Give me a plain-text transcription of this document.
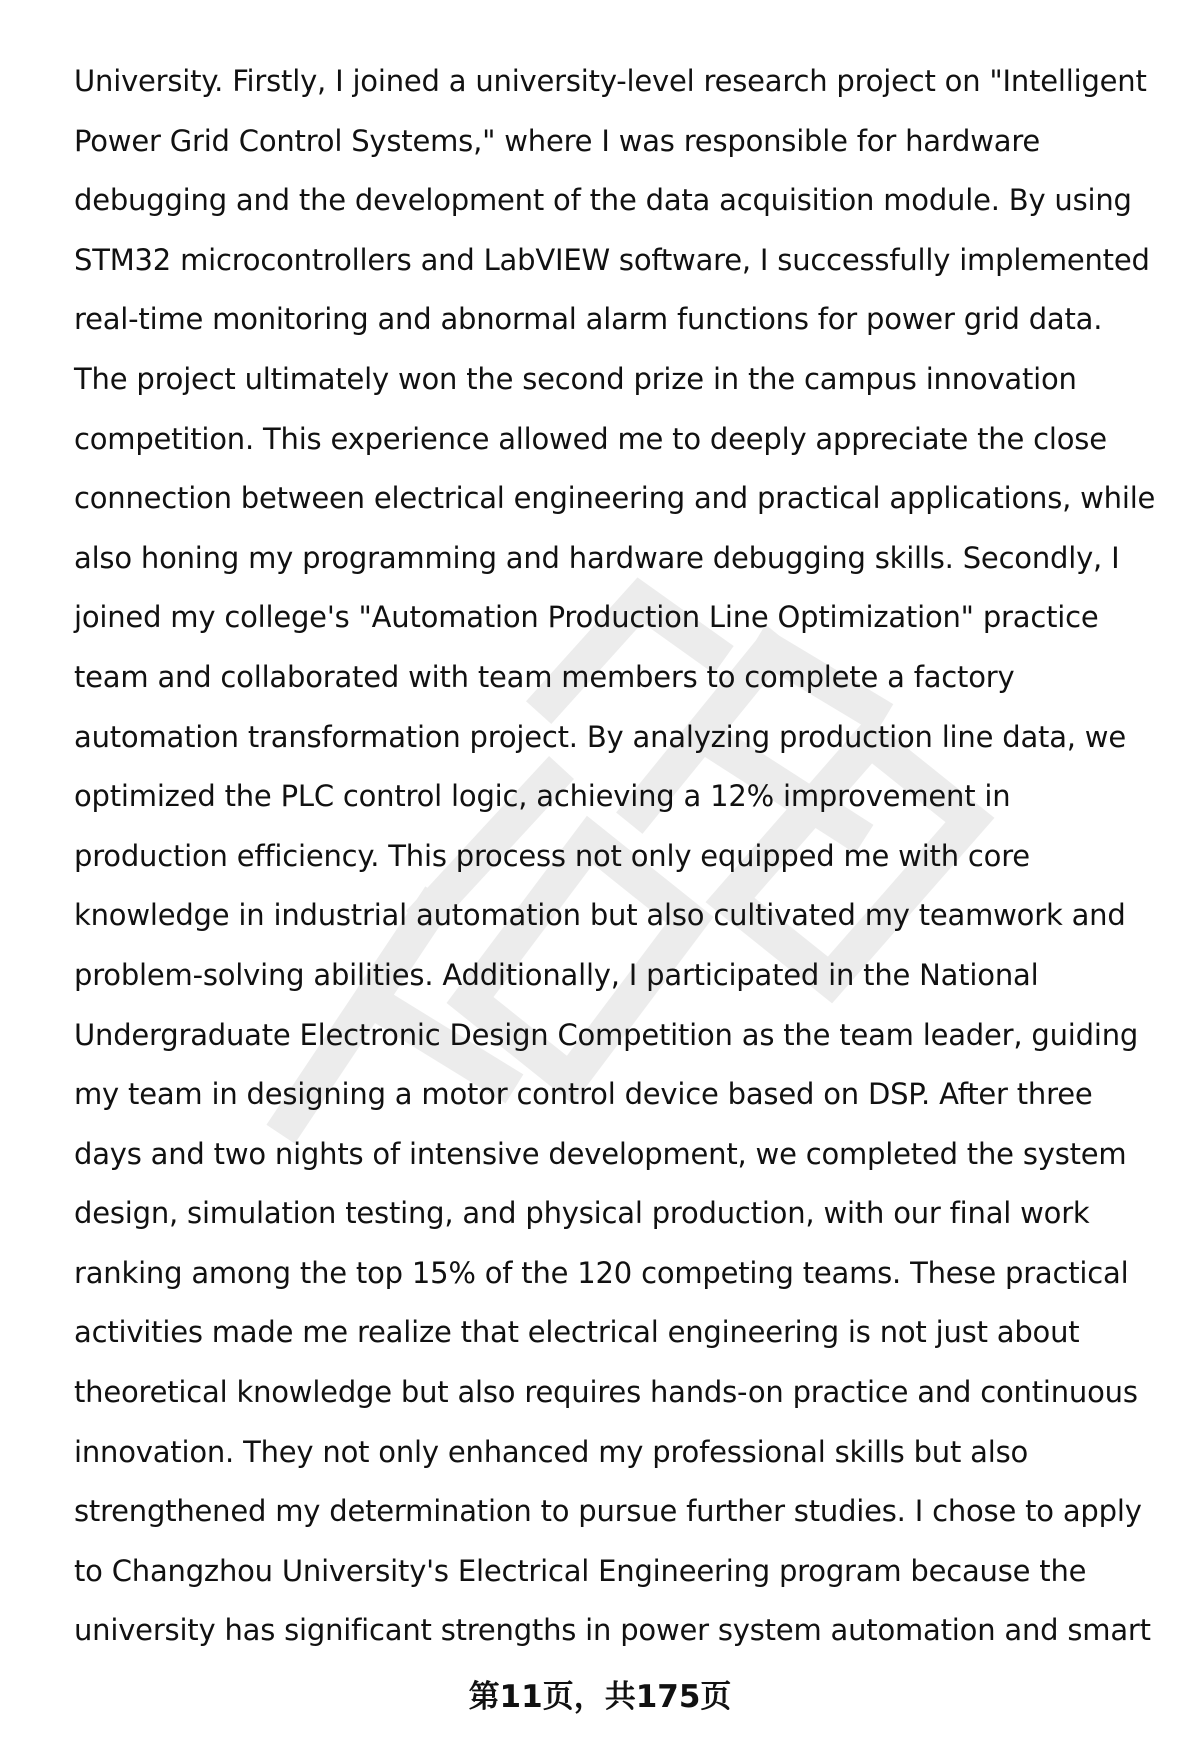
University. Firstly, I joined a university-level research project on "Intelligent
Power Grid Control Systems," where I was responsible for hardware
debugging and the development of the data acquisition module. By using
STM32 microcontrollers and LabVIEW software, I successfully implemented
real-time monitoring and abnormal alarm functions for power grid data.
The project ultimately won the second prize in the campus innovation
competition. This experience allowed me to deeply appreciate the close
connection between electrical engineering and practical applications, while
also honing my programming and hardware debugging skills. Secondly, I
joined my college's "Automation Production Line Optimization" practice
team and collaborated with team members to complete a factory
automation transformation project. By analyzing production line data, we
optimized the PLC control logic, achieving a 12% improvement in
production efficiency. This process not only equipped me with core
knowledge in industrial automation but also cultivated my teamwork and
problem-solving abilities. Additionally, I participated in the National
Undergraduate Electronic Design Competition as the team leader, guiding
my team in designing a motor control device based on DSP. After three
days and two nights of intensive development, we completed the system
design, simulation testing, and physical production, with our final work
ranking among the top 15% of the 120 competing teams. These practical
activities made me realize that electrical engineering is not just about
theoretical knowledge but also requires hands-on practice and continuous
innovation. They not only enhanced my professional skills but also
strengthened my determination to pursue further studies. I chose to apply
to Changzhou University's Electrical Engineering program because the
university has significant strengths in power system automation and smart
第11页，共175页
